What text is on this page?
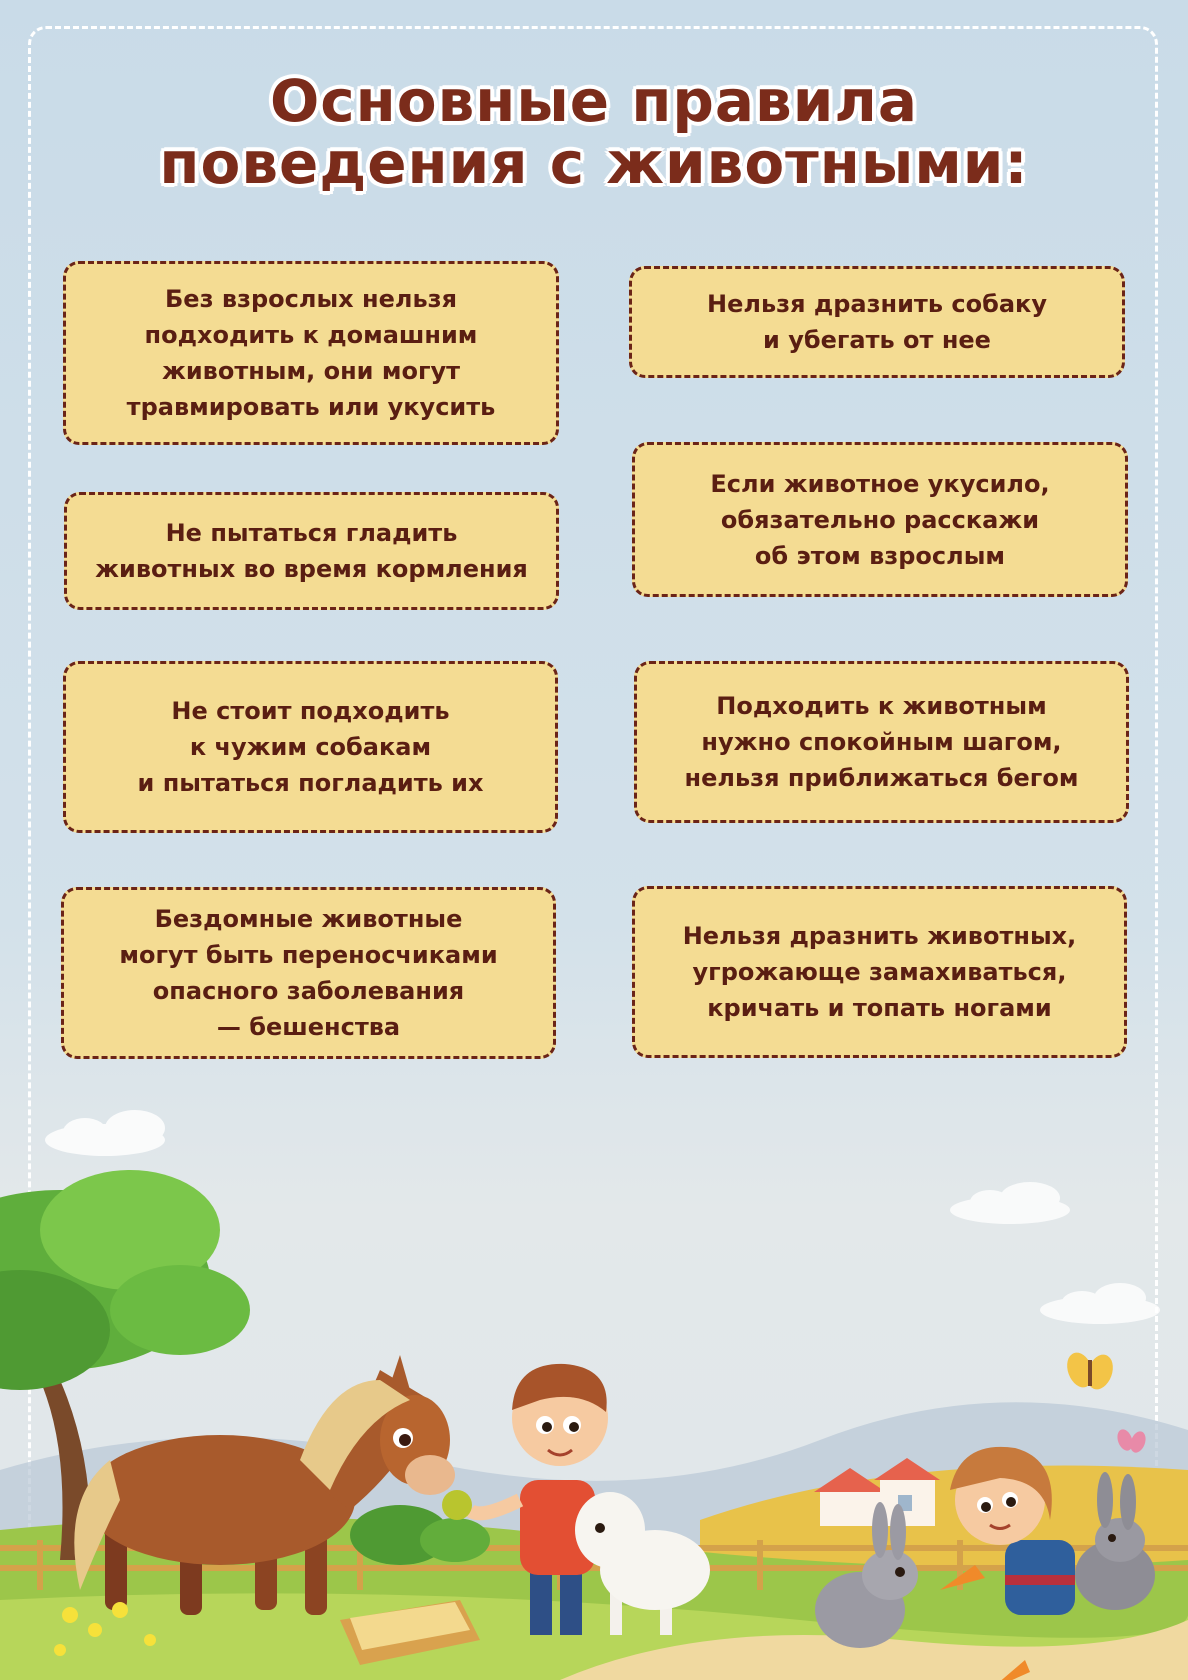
Основные правила
поведения с животными:
Без взрослых нельзя
подходить к домашним
животным, они могут
травмировать или укусить
Нельзя дразнить собаку
и убегать от нее
Не пытаться гладить
животных во время кормления
Если животное укусило,
обязательно расскажи
об этом взрослым
Не стоит подходить
к чужим собакам
и пытаться погладить их
Подходить к животным
нужно спокойным шагом,
нельзя приближаться бегом
Бездомные животные
могут быть переносчиками
опасного заболевания
— бешенства
Нельзя дразнить животных,
угрожающе замахиваться,
кричать и топать ногами
